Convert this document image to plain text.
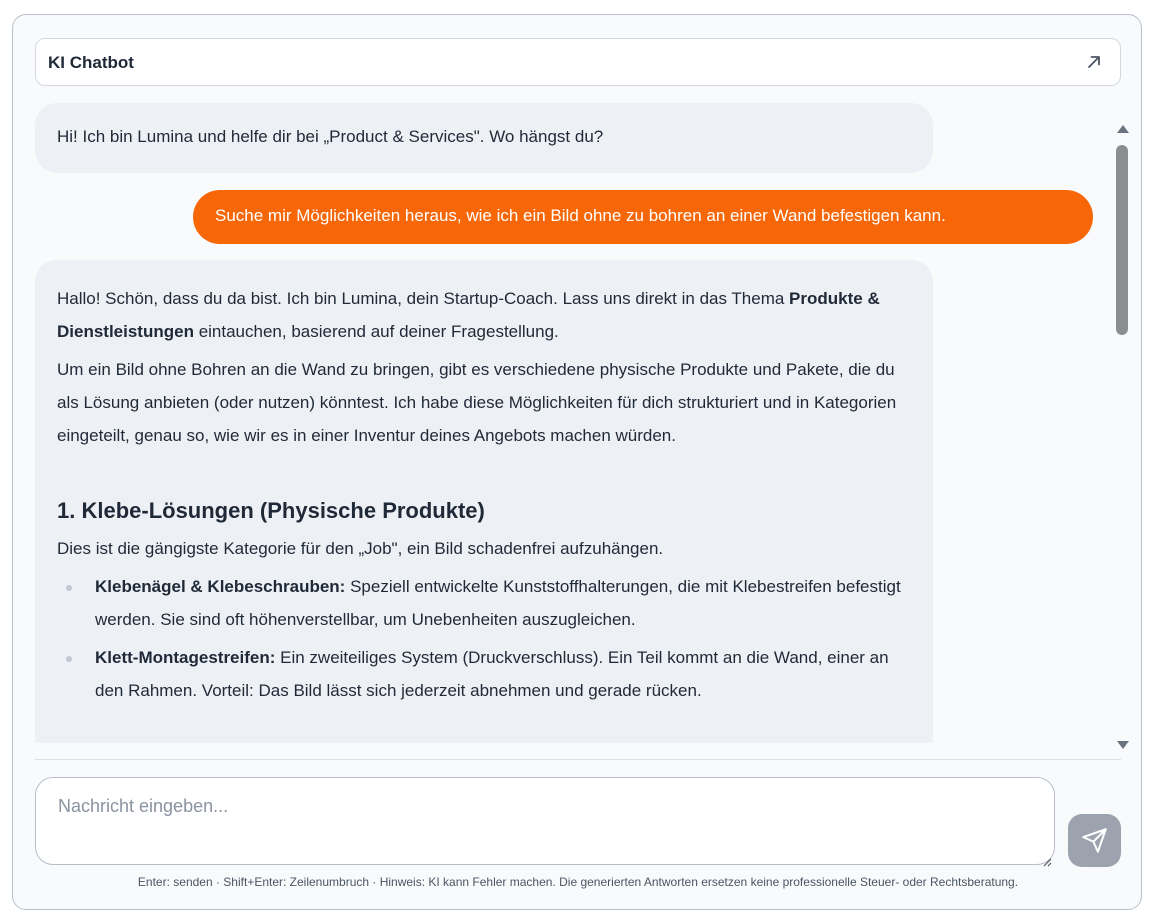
KI Chatbot
Hi! Ich bin Lumina und helfe dir bei „Product & Services". Wo hängst du?
Suche mir Möglichkeiten heraus, wie ich ein Bild ohne zu bohren an einer Wand befestigen kann.

Hallo! Schön, dass du da bist. Ich bin Lumina, dein Startup-Coach. Lass uns direkt in das Thema Produkte & Dienstleistungen eintauchen, basierend auf deiner Fragestellung.

Um ein Bild ohne Bohren an die Wand zu bringen, gibt es verschiedene physische Produkte und Pakete, die du als Lösung anbieten (oder nutzen) könntest. Ich habe diese Möglichkeiten für dich strukturiert und in Kategorien eingeteilt, genau so, wie wir es in einer Inventur deines Angebots machen würden.

1. Klebe-Lösungen (Physische Produkte)

Dies ist die gängigste Kategorie für den „Job", ein Bild schadenfrei aufzuhängen.

Klebenägel & Klebeschrauben: Speziell entwickelte Kunststoffhalterungen, die mit Klebestreifen befestigt werden. Sie sind oft höhenverstellbar, um Unebenheiten auszugleichen.
Klett-Montagestreifen: Ein zweiteiliges System (Druckverschluss). Ein Teil kommt an die Wand, einer an den Rahmen. Vorteil: Das Bild lässt sich jederzeit abnehmen und gerade rücken.
Nachricht eingeben...
Enter: senden · Shift+Enter: Zeilenumbruch · Hinweis: KI kann Fehler machen. Die generierten Antworten ersetzen keine professionelle Steuer- oder Rechtsberatung.
